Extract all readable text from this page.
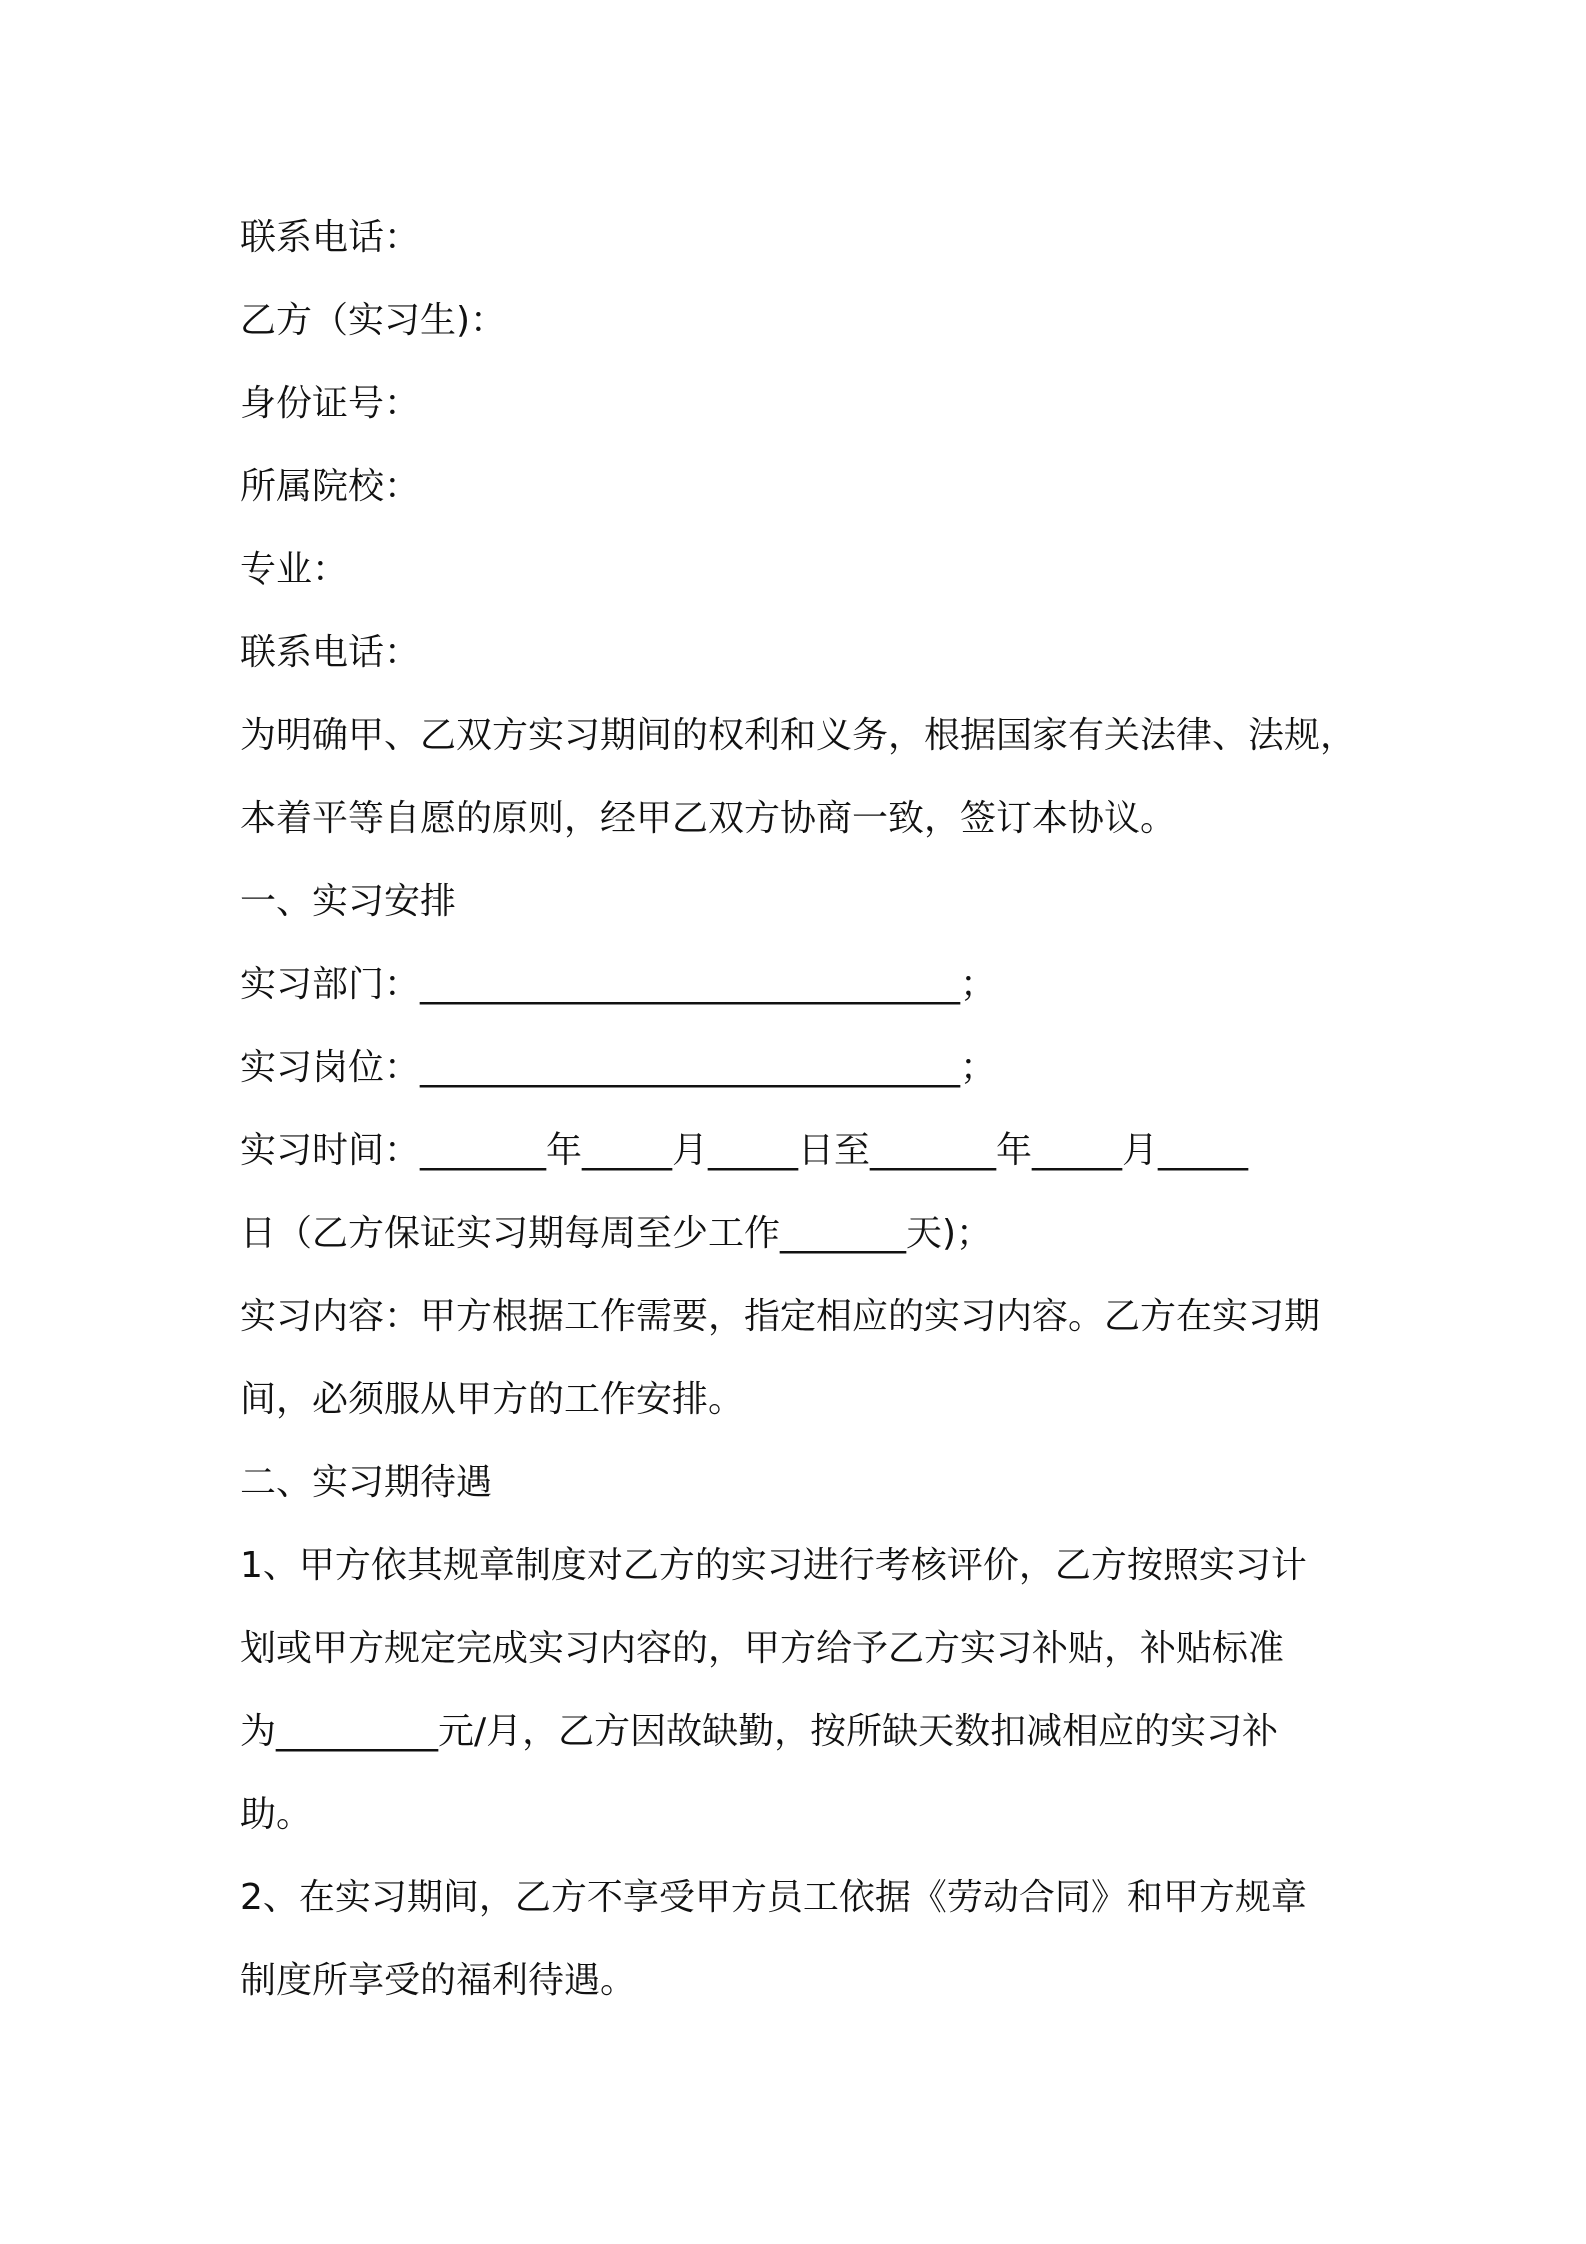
联系电话：
乙方（实习生)：
身份证号：
所属院校：
专业：
联系电话：
为明确甲、乙双方实习期间的权利和义务，根据国家有关法律、法规，
本着平等自愿的原则，经甲乙双方协商一致，签订本协议。
一、实习安排
实习部门：______________________________；
实习岗位：______________________________；
实习时间：_______年_____月_____日至_______年_____月_____
日（乙方保证实习期每周至少工作_______天)；
实习内容：甲方根据工作需要，指定相应的实习内容。乙方在实习期
间，必须服从甲方的工作安排。
二、实习期待遇
1、甲方依其规章制度对乙方的实习进行考核评价，乙方按照实习计
划或甲方规定完成实习内容的，甲方给予乙方实习补贴，补贴标准
为_________元/月，乙方因故缺勤，按所缺天数扣减相应的实习补
助。
2、在实习期间，乙方不享受甲方员工依据《劳动合同》和甲方规章
制度所享受的福利待遇。
